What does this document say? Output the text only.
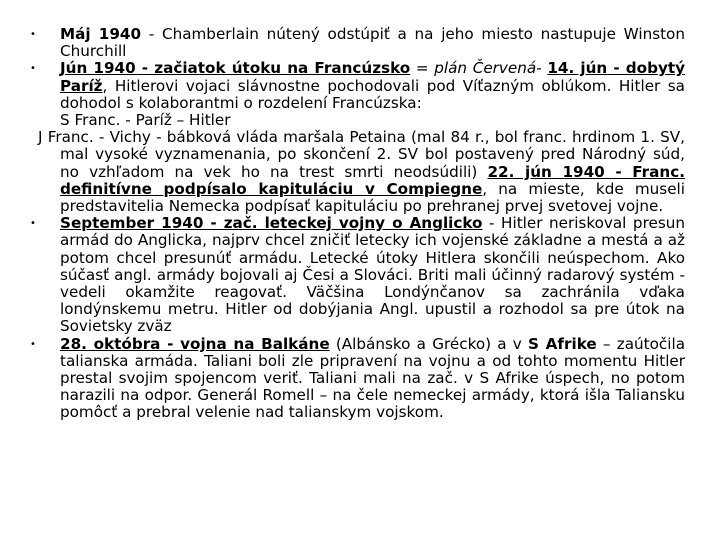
•	Máj 1940 - Chamberlain nútený odstúpiť a na jeho miesto nastupuje Winston Churchill

•	Jún 1940 - začiatok útoku na Francúzsko = plán Červená- 14. jún - dobytý Paríž, Hitlerovi vojaci slávnostne pochodovali pod Víťazným oblúkom. Hitler sa dohodol s kolaborantmi o rozdelení Francúzska:

S Franc. - Paríž – Hitler

J Franc. - Vichy - bábková vláda maršala Petaina (mal 84 r., bol franc. hrdinom 1. SV, mal vysoké vyznamenania, po skončení 2. SV bol postavený pred Národný súd, no vzhľadom na vek ho na trest smrti neodsúdili) 22. jún 1940 - Franc. definitívne podpísalo kapituláciu v Compiegne, na mieste, kde museli predstavitelia Nemecka podpísať kapituláciu po prehranej prvej svetovej vojne.

•	September 1940 - zač. leteckej vojny o Anglicko - Hitler neriskoval presun armád do Anglicka, najprv chcel zničiť letecky ich vojenské základne a mestá a až potom chcel presunúť armádu. Letecké útoky Hitlera skončili neúspechom. Ako súčasť angl. armády bojovali aj Česi a Slováci. Briti mali účinný radarový systém - vedeli okamžite reagovať. Väčšina Londýnčanov sa zachránila vďaka londýnskemu metru. Hitler od dobýjania Angl. upustil a rozhodol sa pre útok na Sovietsky zväz

•	28. októbra - vojna na Balkáne (Albánsko a Grécko) a v S Afrike – zaútočila talianska armáda. Taliani boli zle pripravení na vojnu a od tohto momentu Hitler prestal svojim spojencom veriť. Taliani mali na zač. v S Afrike úspech, no potom narazili na odpor. Generál Romell – na čele nemeckej armády, ktorá išla Taliansku pomôcť a prebral velenie nad talianskym vojskom.
